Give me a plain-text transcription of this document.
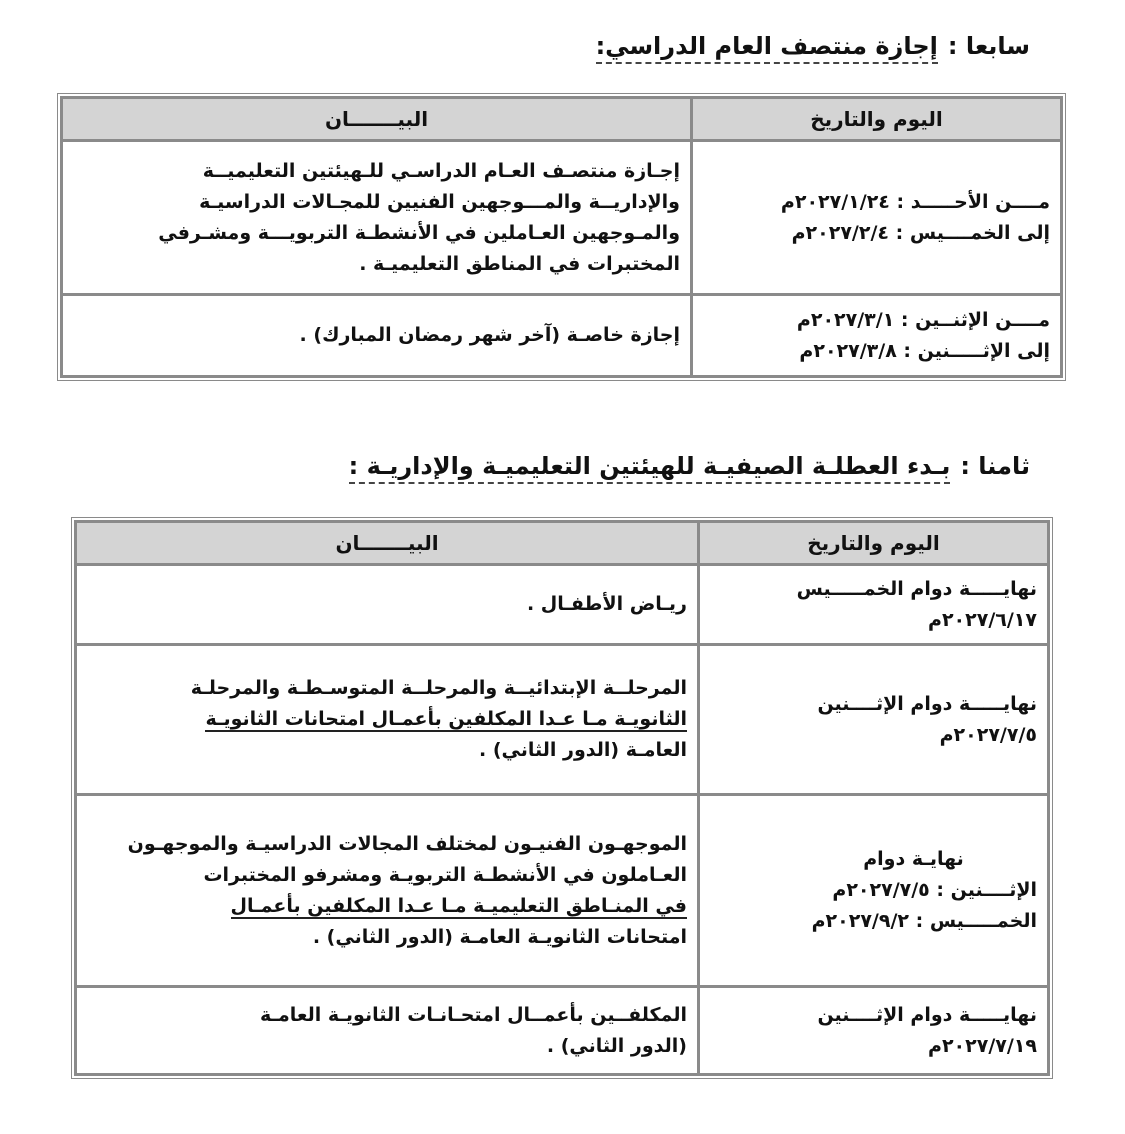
سابعا :إجازة منتصف العام الدراسي:
اليوم والتاريخ	البيـــــــان

مــــن الأحـــــد : ٢٠٢٧/١/٢٤م
إلى الخمــــيس : ٢٠٢٧/٢/٤م	إجـازة منتصـف العـام الدراسـي للـهيئتين التعليميــة
والإداريــة والمـــوجهين الفنيين للمجـالات الدراسيـة
والمـوجهين العـاملين في الأنشطـة التربويـــة ومشـرفي
المختبرات في المناطق التعليميـة .

مــــن الإثنــين : ٢٠٢٧/٣/١م
إلى الإثـــــنين : ٢٠٢٧/٣/٨م	إجازة خاصـة (آخر شهر رمضان المبارك) .
ثامنا :بـدء العطلـة الصيفيـة للهيئتين التعليميـة والإداريـة :
اليوم والتاريخ	البيـــــــان

نهايـــــة دوام الخمـــــيس
٢٠٢٧/٦/١٧م	ريـاض الأطفـال .

نهايـــــة دوام الإثــــنين
٢٠٢٧/٧/٥م	المرحلــة الإبتدائيــة والمرحلــة المتوسـطـة والمرحلـة
الثانويـة مـا عـدا المكلفين بأعمـال امتحانات الثانويـة
العامـة (الدور الثاني) .

نهايـة دوام
الإثــــنين : ٢٠٢٧/٧/٥م
الخمـــــيس : ٢٠٢٧/٩/٢م	الموجهـون الفنيـون لمختلف المجالات الدراسيـة والموجهـون
العـاملون في الأنشطـة التربويـة ومشرفو المختبرات
في المنـاطق التعليميـة مـا عـدا المكلفين بأعمـال
امتحانات الثانويـة العامـة (الدور الثاني) .

نهايـــــة دوام الإثــــنين
٢٠٢٧/٧/١٩م	المكلفــين بأعمــال امتحـانـات الثانويـة العامـة
(الدور الثاني) .
